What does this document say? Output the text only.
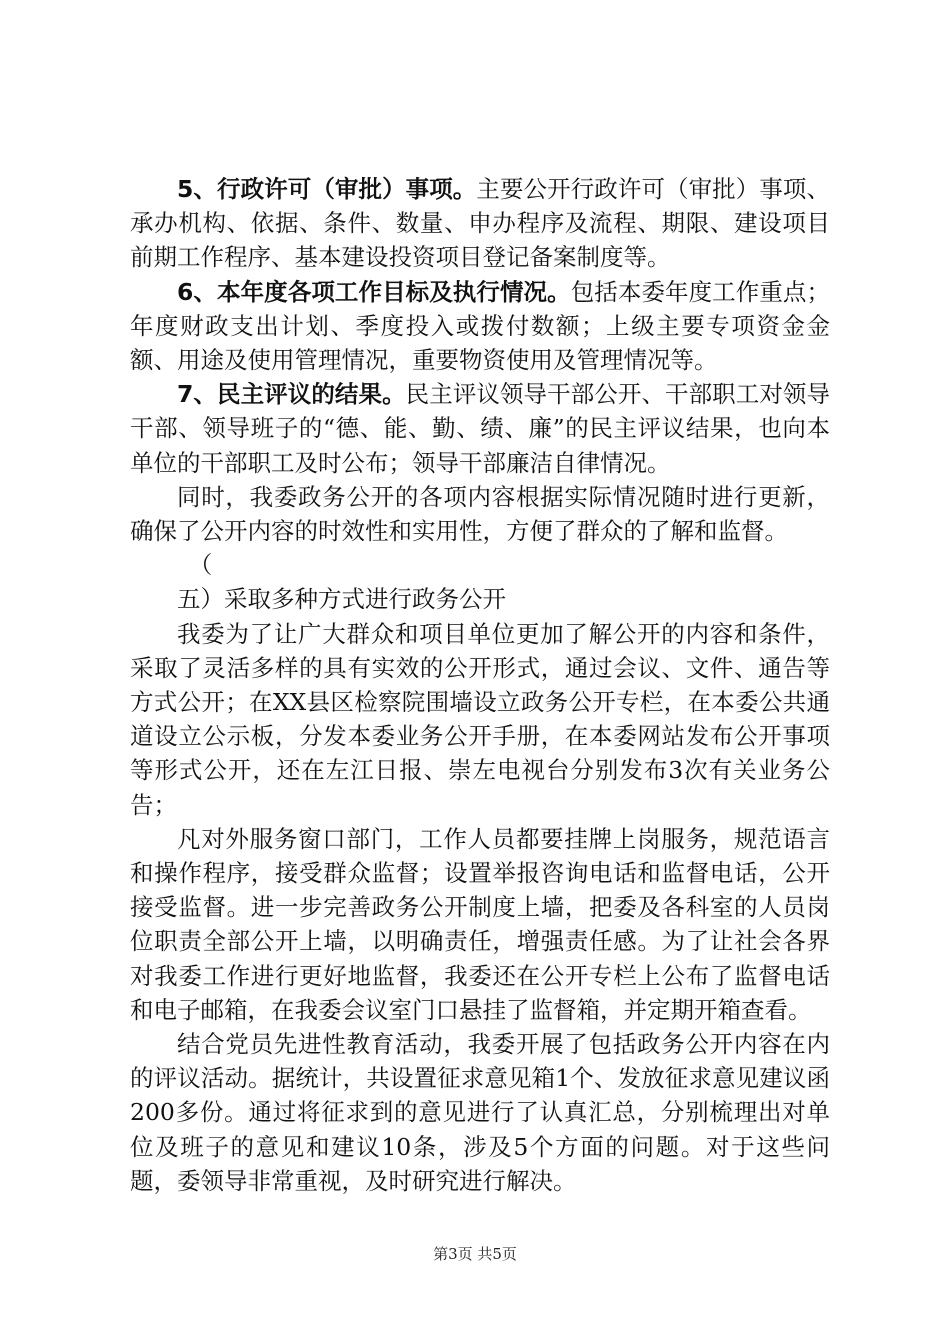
5、行政许可（审批）事项。主要公开行政许可（审批）事项、承办机构、依据、条件、数量、申办程序及流程、期限、建设项目前期工作程序、基本建设投资项目登记备案制度等。

6、本年度各项工作目标及执行情况。包括本委年度工作重点；年度财政支出计划、季度投入或拨付数额；上级主要专项资金金额、用途及使用管理情况，重要物资使用及管理情况等。

7、民主评议的结果。民主评议领导干部公开、干部职工对领导干部、领导班子的“德、能、勤、绩、廉”的民主评议结果，也向本单位的干部职工及时公布；领导干部廉洁自律情况。

同时，我委政务公开的各项内容根据实际情况随时进行更新，确保了公开内容的时效性和实用性，方便了群众的了解和监督。

（

五）采取多种方式进行政务公开

我委为了让广大群众和项目单位更加了解公开的内容和条件，采取了灵活多样的具有实效的公开形式，通过会议、文件、通告等方式公开；在XX县区检察院围墙设立政务公开专栏，在本委公共通道设立公示板，分发本委业务公开手册，在本委网站发布公开事项等形式公开，还在左江日报、崇左电视台分别发布3次有关业务公告；

凡对外服务窗口部门，工作人员都要挂牌上岗服务，规范语言和操作程序，接受群众监督；设置举报咨询电话和监督电话，公开接受监督。进一步完善政务公开制度上墙，把委及各科室的人员岗位职责全部公开上墙，以明确责任，增强责任感。为了让社会各界对我委工作进行更好地监督，我委还在公开专栏上公布了监督电话和电子邮箱，在我委会议室门口悬挂了监督箱，并定期开箱查看。

结合党员先进性教育活动，我委开展了包括政务公开内容在内的评议活动。据统计，共设置征求意见箱1个、发放征求意见建议函200多份。通过将征求到的意见进行了认真汇总，分别梳理出对单位及班子的意见和建议10条，涉及5个方面的问题。对于这些问题，委领导非常重视，及时研究进行解决。

第3页 共5页
